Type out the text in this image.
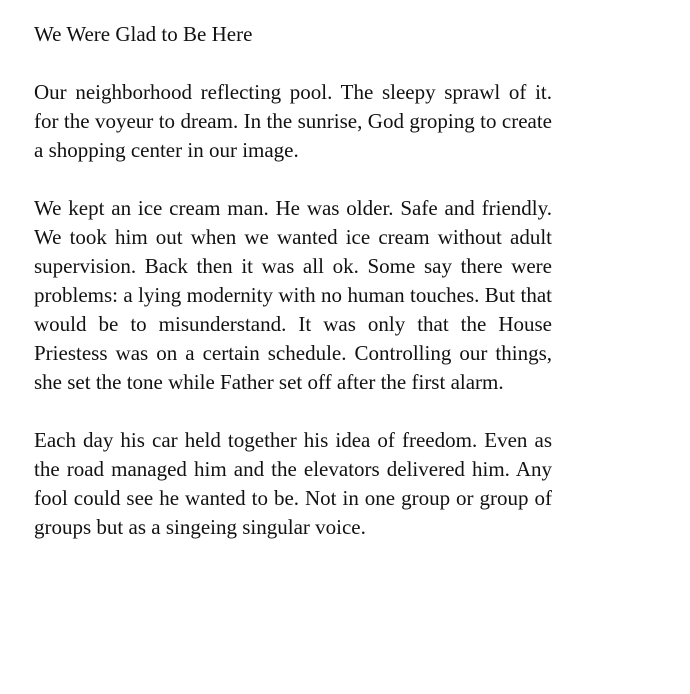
We Were Glad to Be Here

Our neighborhood reflecting pool. The sleepy sprawl of it. for the voyeur to dream. In the sunrise, God groping to create a shopping center in our image.

We kept an ice cream man. He was older. Safe and friendly. We took him out when we wanted ice cream without adult supervision. Back then it was all ok. Some say there were problems: a lying modernity with no human touches. But that would be to misunderstand. It was only that the House Priestess was on a certain schedule. Controlling our things, she set the tone while Father set off after the first alarm.

Each day his car held together his idea of freedom. Even as the road managed him and the elevators delivered him. Any fool could see he wanted to be. Not in one group or group of groups but as a singeing singular voice.
